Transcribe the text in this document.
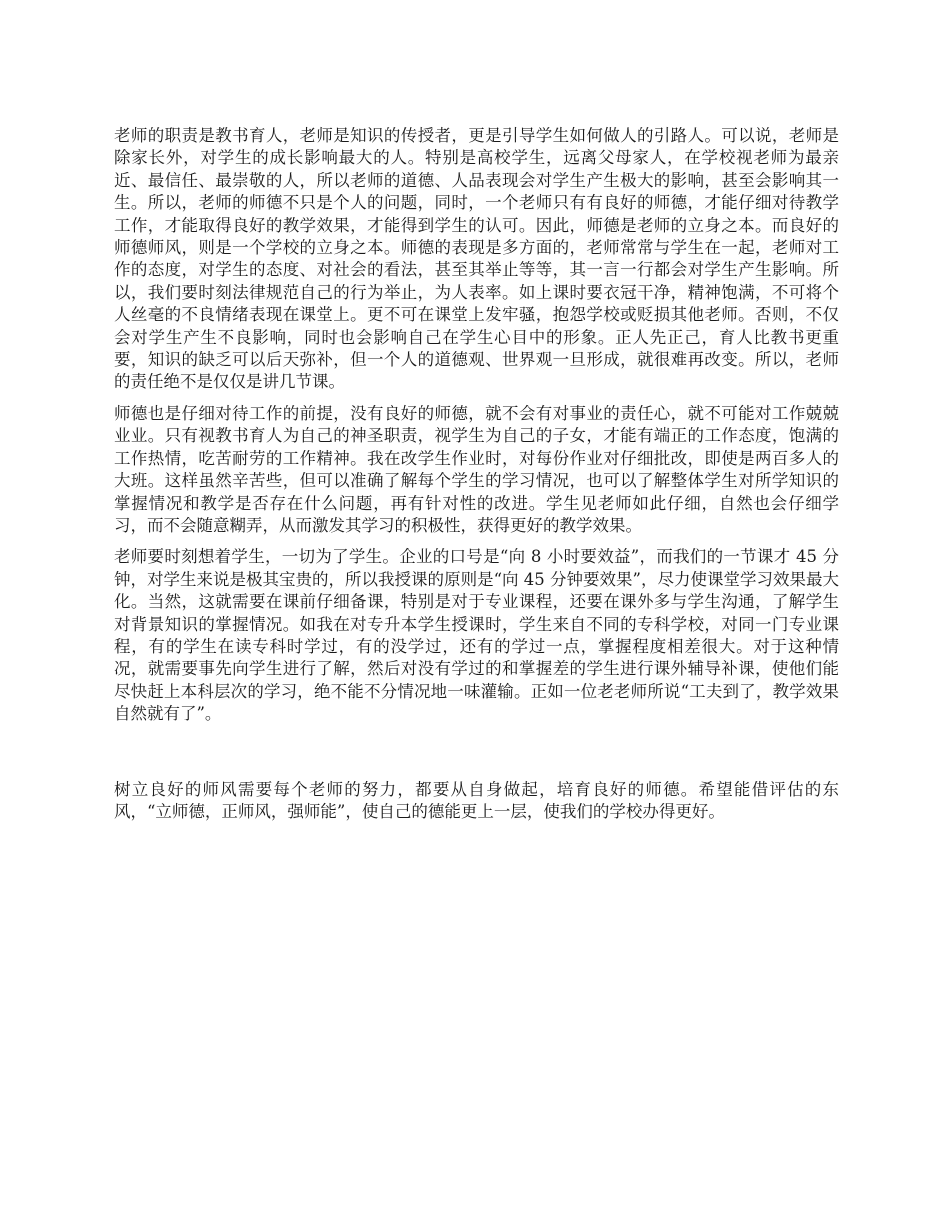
老师的职责是教书育人，老师是知识的传授者，更是引导学生如何做人的引路人。可以说，老师是除家长外，对学生的成长影响最大的人。特别是高校学生，远离父母家人，在学校视老师为最亲近、最信任、最崇敬的人，所以老师的道德、人品表现会对学生产生极大的影响，甚至会影响其一生。所以，老师的师德不只是个人的问题，同时，一个老师只有有良好的师德，才能仔细对待教学工作，才能取得良好的教学效果，才能得到学生的认可。因此，师德是老师的立身之本。而良好的师德师风，则是一个学校的立身之本。师德的表现是多方面的，老师常常与学生在一起，老师对工作的态度，对学生的态度、对社会的看法，甚至其举止等等，其一言一行都会对学生产生影响。所以，我们要时刻法律规范自己的行为举止，为人表率。如上课时要衣冠干净，精神饱满，不可将个人丝毫的不良情绪表现在课堂上。更不可在课堂上发牢骚，抱怨学校或贬损其他老师。否则，不仅会对学生产生不良影响，同时也会影响自己在学生心目中的形象。正人先正己，育人比教书更重要，知识的缺乏可以后天弥补，但一个人的道德观、世界观一旦形成，就很难再改变。所以，老师的责任绝不是仅仅是讲几节课。

师德也是仔细对待工作的前提，没有良好的师德，就不会有对事业的责任心，就不可能对工作兢兢业业。只有视教书育人为自己的神圣职责，视学生为自己的子女，才能有端正的工作态度，饱满的工作热情，吃苦耐劳的工作精神。我在改学生作业时，对每份作业对仔细批改，即使是两百多人的大班。这样虽然辛苦些，但可以准确了解每个学生的学习情况，也可以了解整体学生对所学知识的掌握情况和教学是否存在什么问题，再有针对性的改进。学生见老师如此仔细，自然也会仔细学习，而不会随意糊弄，从而激发其学习的积极性，获得更好的教学效果。

老师要时刻想着学生，一切为了学生。企业的口号是“向 8 小时要效益”，而我们的一节课才 45 分钟，对学生来说是极其宝贵的，所以我授课的原则是“向 45 分钟要效果”，尽力使课堂学习效果最大化。当然，这就需要在课前仔细备课，特别是对于专业课程，还要在课外多与学生沟通，了解学生对背景知识的掌握情况。如我在对专升本学生授课时，学生来自不同的专科学校，对同一门专业课程，有的学生在读专科时学过，有的没学过，还有的学过一点，掌握程度相差很大。对于这种情况，就需要事先向学生进行了解，然后对没有学过的和掌握差的学生进行课外辅导补课，使他们能尽快赶上本科层次的学习，绝不能不分情况地一味灌输。正如一位老老师所说“工夫到了，教学效果自然就有了”。

树立良好的师风需要每个老师的努力，都要从自身做起，培育良好的师德。希望能借评估的东风，“立师德，正师风，强师能”，使自己的德能更上一层，使我们的学校办得更好。
